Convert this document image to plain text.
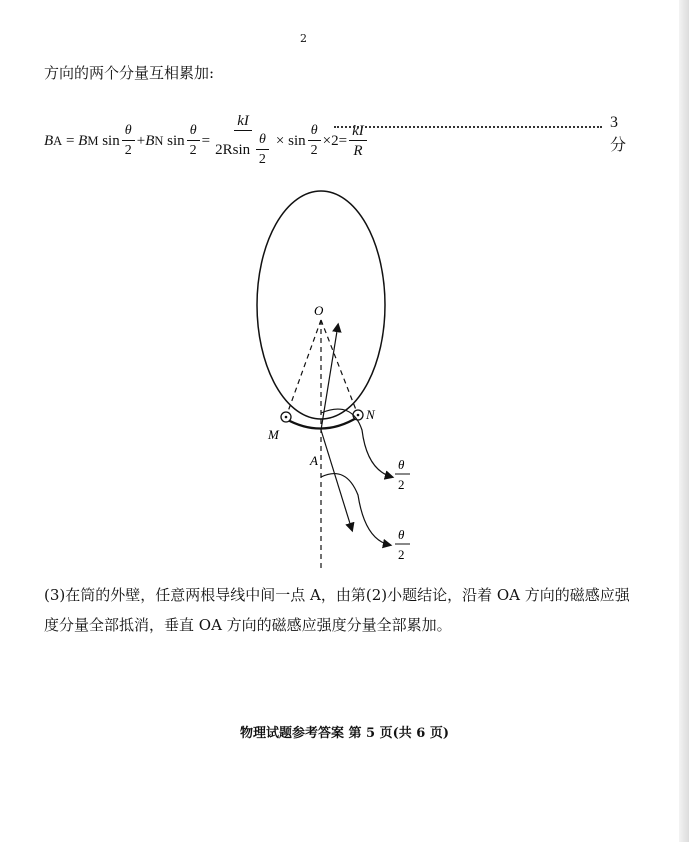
2
方向的两个分量互相累加:
B A
=
B M
$\sin \frac{\theta}{2} + B$ N
$\sin \frac{\theta}{2} = \frac{kI}{2Rsin \frac{\theta}{2}}$ ×
$\sin \frac{\theta}{2} \times 2 = \frac{kI}{R}$	3 分
O
M
N
A	θ
2
θ
2
(3)在筒的外壁，任意两根导线中间一点 A，由第(2)小题结论，沿着 OA 方向的磁感应强度分量全部抵消，垂直 OA 方向的磁感应强度分量全部累加。
物理试题参考答案 第 5 页(共 6 页)
